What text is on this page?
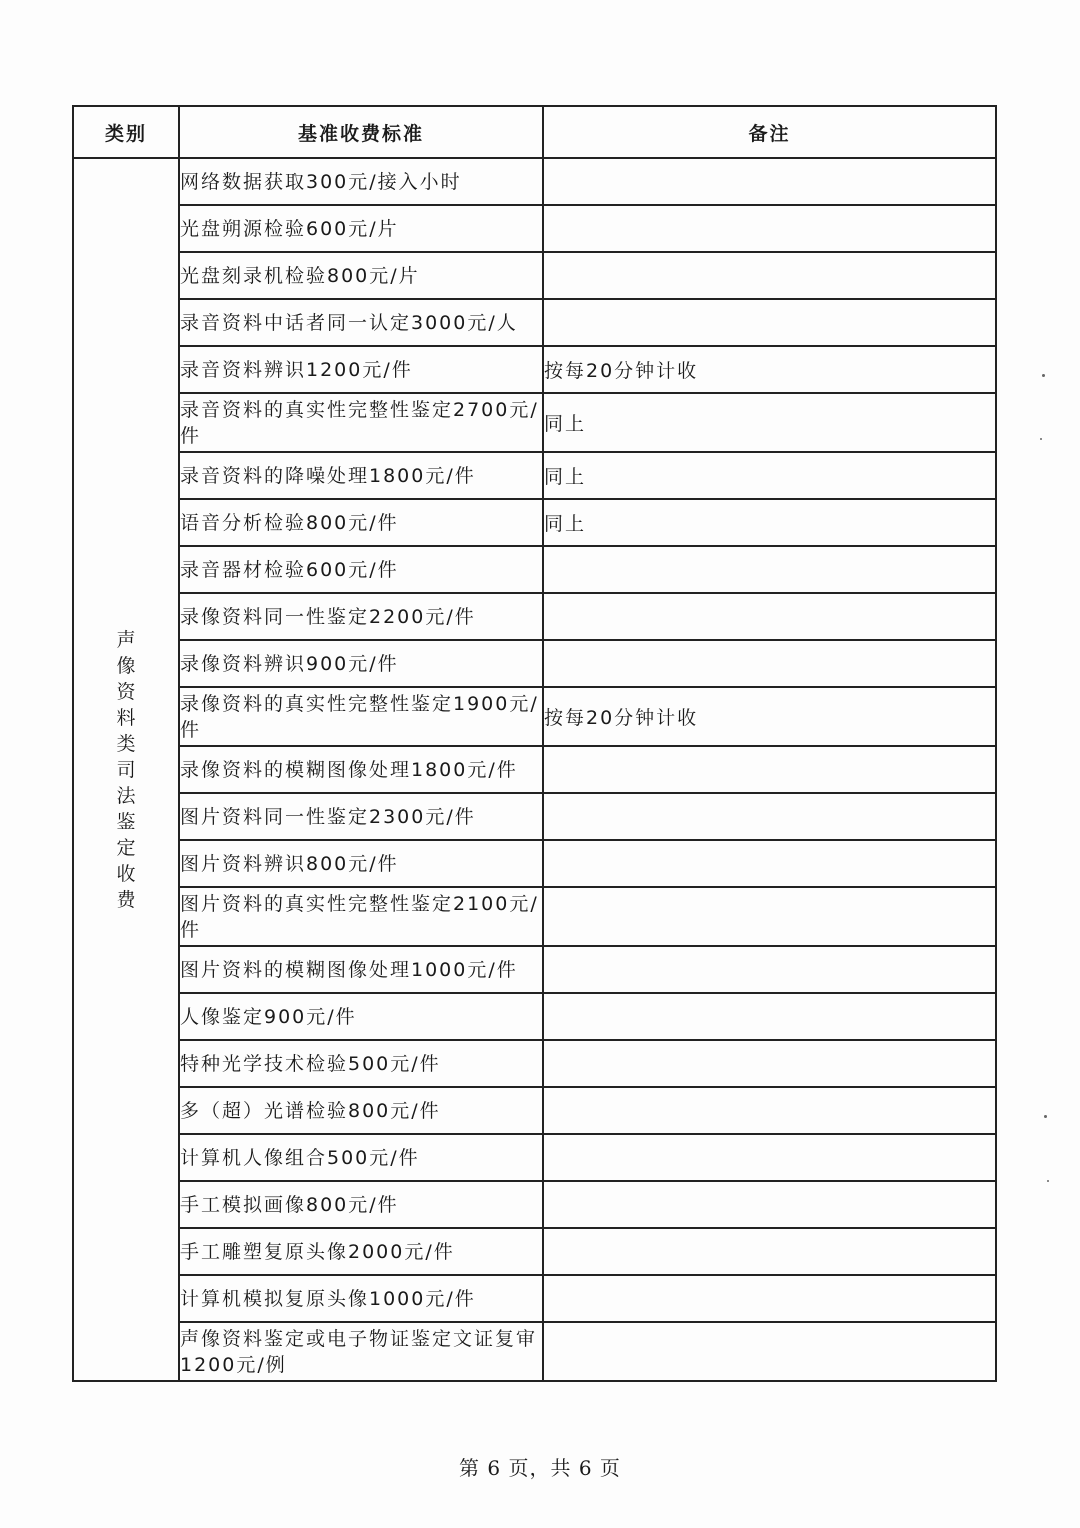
类别	基准收费标准	备注
声像资料类司法鉴定收费	网络数据获取300元/接入小时	
	光盘朔源检验600元/片	
	光盘刻录机检验800元/片	
	录音资料中话者同一认定3000元/人	
	录音资料辨识1200元/件	按每20分钟计收
	录音资料的真实性完整性鉴定2700元/件	同上
	录音资料的降噪处理1800元/件	同上
	语音分析检验800元/件	同上
	录音器材检验600元/件	
	录像资料同一性鉴定2200元/件	
	录像资料辨识900元/件	
	录像资料的真实性完整性鉴定1900元/件	按每20分钟计收
	录像资料的模糊图像处理1800元/件	
	图片资料同一性鉴定2300元/件	
	图片资料辨识800元/件	
	图片资料的真实性完整性鉴定2100元/件	
	图片资料的模糊图像处理1000元/件	
	人像鉴定900元/件	
	特种光学技术检验500元/件	
	多（超）光谱检验800元/件	
	计算机人像组合500元/件	
	手工模拟画像800元/件	
	手工雕塑复原头像2000元/件	
	计算机模拟复原头像1000元/件	
	声像资料鉴定或电子物证鉴定文证复审1200元/例	
第 6 页，共 6 页
